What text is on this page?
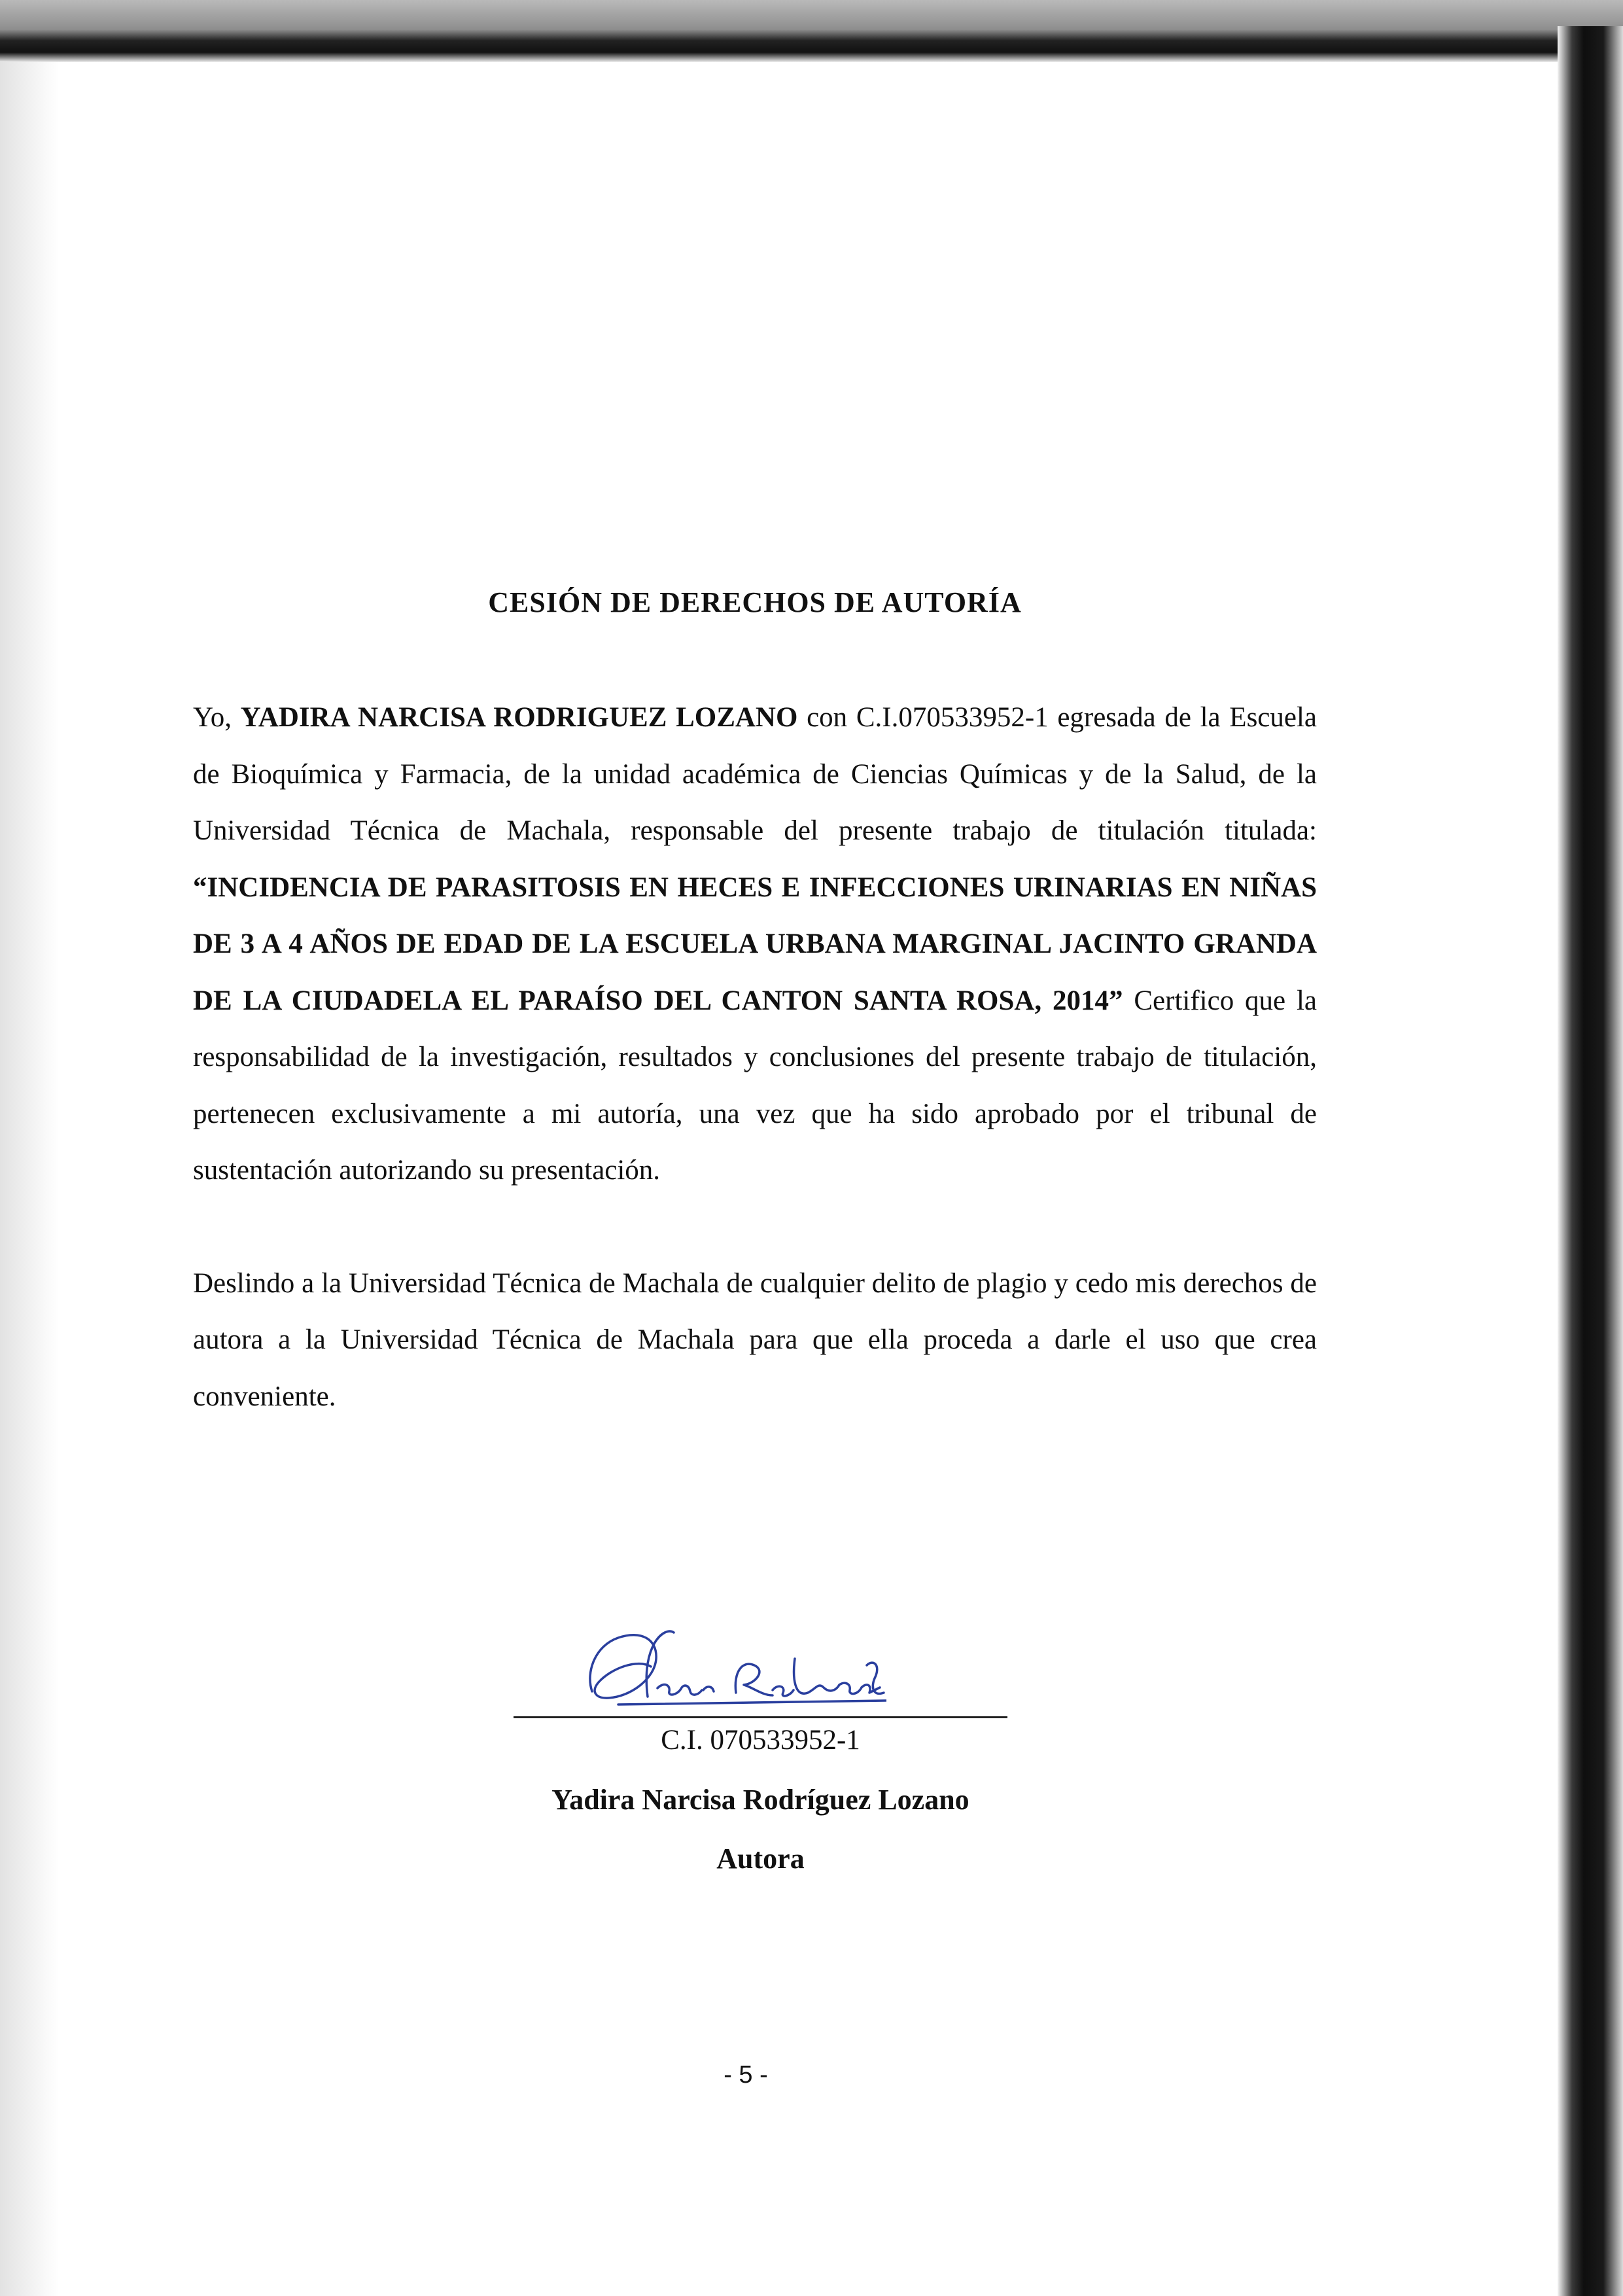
CESIÓN DE DERECHOS DE AUTORÍA

Yo, YADIRA NARCISA RODRIGUEZ LOZANO con C.I.070533952-1 egresada de la Escuela de Bioquímica y Farmacia, de la unidad académica de Ciencias Químicas y de la Salud, de la Universidad Técnica de Machala, responsable del presente trabajo de titulación titulada: “INCIDENCIA DE PARASITOSIS EN HECES E INFECCIONES URINARIAS EN NIÑAS DE 3 A 4 AÑOS DE EDAD DE LA ESCUELA URBANA MARGINAL JACINTO GRANDA DE LA CIUDADELA EL PARAÍSO DEL CANTON SANTA ROSA, 2014” Certifico que la responsabilidad de la investigación, resultados y conclusiones del presente trabajo de titulación, pertenecen exclusivamente a mi autoría, una vez que ha sido aprobado por el tribunal de sustentación autorizando su presentación.

Deslindo a la Universidad Técnica de Machala de cualquier delito de plagio y cedo mis derechos de autora a la Universidad Técnica de Machala para que ella proceda a darle el uso que crea conveniente.

C.I. 070533952-1
Yadira Narcisa Rodríguez Lozano
Autora
- 5 -
